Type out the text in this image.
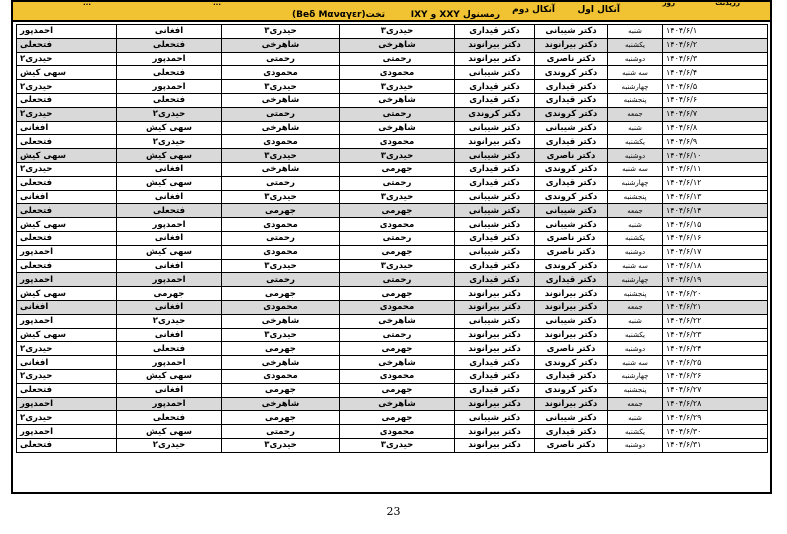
آنکال اول
آنکال دوم
رمسنول XXY و IXY
تخت(Beδ Μαναγεr)
روز	رزیدنت
...	...
۱۴۰۴/۶/۱	شنبه	دکتر شیبانی	دکتر قیداری	حیدری۳	حیدری۳	افغانی	احمدپور
۱۴۰۴/۶/۲	یکشنبه	دکتر بیرانوند	دکتر بیرانوند	شاهرخی	شاهرخی	فتحعلی	فتحعلی
۱۴۰۴/۶/۳	دوشنبه	دکتر ناصری	دکتر بیرانوند	رحمتی	رحمتی	احمدپور	حیدری۲
۱۴۰۴/۶/۴	سه شنبه	دکتر کروندی	دکتر شیبانی	محمودی	محمودی	فتحعلی	سهی کیش
۱۴۰۴/۶/۵	چهارشنبه	دکتر قیداری	دکتر قیداری	حیدری۳	حیدری۳	احمدپور	حیدری۲
۱۴۰۴/۶/۶	پنجشنبه	دکتر قیداری	دکتر قیداری	شاهرخی	شاهرخی	فتحعلی	فتحعلی
۱۴۰۴/۶/۷	جمعه	دکتر کروندی	دکتر کروندی	رحمتی	رحمتی	حیدری۲	حیدری۲
۱۴۰۴/۶/۸	شنبه	دکتر شیبانی	دکتر شیبانی	شاهرخی	شاهرخی	سهی کیش	افغانی
۱۴۰۴/۶/۹	یکشنبه	دکتر قیداری	دکتر بیرانوند	محمودی	محمودی	حیدری۲	فتحعلی
۱۴۰۴/۶/۱۰	دوشنبه	دکتر ناصری	دکتر شیبانی	حیدری۳	حیدری۳	سهی کیش	سهی کیش
۱۴۰۴/۶/۱۱	سه شنبه	دکتر کروندی	دکتر قیداری	جهرمی	شاهرخی	افغانی	حیدری۲
۱۴۰۴/۶/۱۲	چهارشنبه	دکتر قیداری	دکتر قیداری	رحمتی	رحمتی	سهی کیش	فتحعلی
۱۴۰۴/۶/۱۳	پنجشنبه	دکتر کروندی	دکتر شیبانی	حیدری۳	حیدری۳	افغانی	افغانی
۱۴۰۴/۶/۱۴	جمعه	دکتر شیبانی	دکتر شیبانی	جهرمی	جهرمی	فتحعلی	فتحعلی
۱۴۰۴/۶/۱۵	شنبه	دکتر شیبانی	دکتر شیبانی	محمودی	محمودی	احمدپور	سهی کیش
۱۴۰۴/۶/۱۶	یکشنبه	دکتر ناصری	دکتر قیداری	رحمتی	رحمتی	افغانی	فتحعلی
۱۴۰۴/۶/۱۷	دوشنبه	دکتر ناصری	دکتر شیبانی	جهرمی	محمودی	سهی کیش	احمدپور
۱۴۰۴/۶/۱۸	سه شنبه	دکتر کروندی	دکتر قیداری	حیدری۳	حیدری۳	افغانی	فتحعلی
۱۴۰۴/۶/۱۹	چهارشنبه	دکتر قیداری	دکتر قیداری	رحمتی	رحمتی	احمدپور	احمدپور
۱۴۰۴/۶/۲۰	پنجشنبه	دکتر بیرانوند	دکتر بیرانوند	جهرمی	جهرمی	جهرمی	سهی کیش
۱۴۰۴/۶/۲۱	جمعه	دکتر بیرانوند	دکتر بیرانوند	محمودی	محمودی	افغانی	افغانی
۱۴۰۴/۶/۲۲	شنبه	دکتر شیبانی	دکتر شیبانی	شاهرخی	شاهرخی	حیدری۲	احمدپور
۱۴۰۴/۶/۲۳	یکشنبه	دکتر بیرانوند	دکتر بیرانوند	رحمتی	حیدری۳	افغانی	سهی کیش
۱۴۰۴/۶/۲۴	دوشنبه	دکتر ناصری	دکتر بیرانوند	جهرمی	جهرمی	فتحعلی	حیدری۲
۱۴۰۴/۶/۲۵	سه شنبه	دکتر کروندی	دکتر قیداری	شاهرخی	شاهرخی	احمدپور	افغانی
۱۴۰۴/۶/۲۶	چهارشنبه	دکتر قیداری	دکتر قیداری	محمودی	محمودی	سهی کیش	حیدری۲
۱۴۰۴/۶/۲۷	پنجشنبه	دکتر کروندی	دکتر قیداری	جهرمی	جهرمی	افغانی	فتحعلی
۱۴۰۴/۶/۲۸	جمعه	دکتر بیرانوند	دکتر بیرانوند	شاهرخی	شاهرخی	احمدپور	احمدپور
۱۴۰۴/۶/۲۹	شنبه	دکتر شیبانی	دکتر شیبانی	جهرمی	جهرمی	فتحعلی	حیدری۲
۱۴۰۴/۶/۳۰	یکشنبه	دکتر قیداری	دکتر بیرانوند	محمودی	رحمتی	سهی کیش	احمدپور
۱۴۰۴/۶/۳۱	دوشنبه	دکتر ناصری	دکتر بیرانوند	حیدری۳	حیدری۳	حیدری۲	فتحعلی
23
